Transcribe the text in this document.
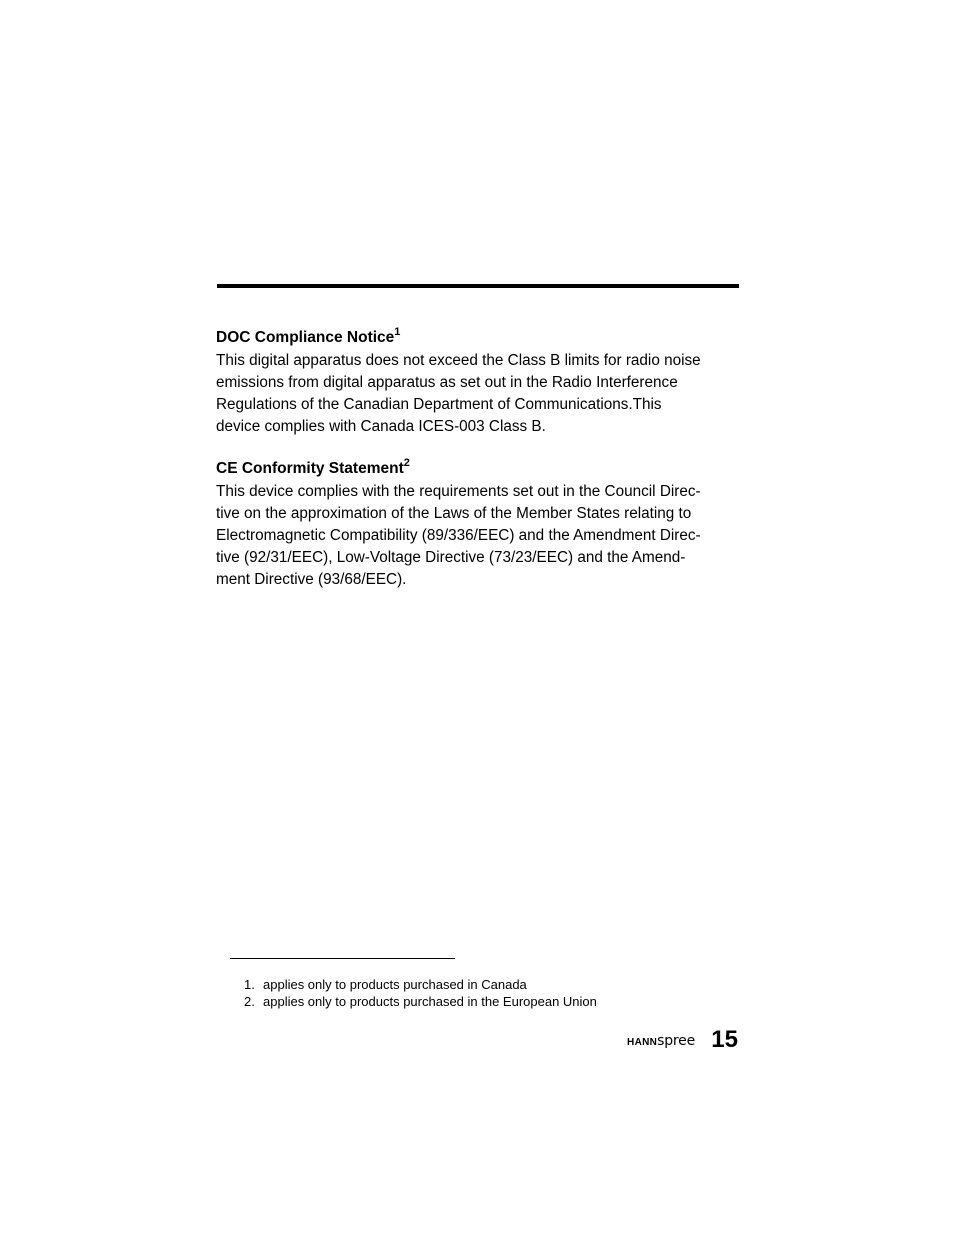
DOC Compliance Notice$^1$

This digital apparatus does not exceed the Class B limits for radio noise
emissions from digital apparatus as set out in the Radio Interference
Regulations of the Canadian Department of Communications.This
device complies with Canada ICES-003 Class B.

CE Conformity Statement$^2$

This device complies with the requirements set out in the Council Direc-
tive on the approximation of the Laws of the Member States relating to
Electromagnetic Compatibility (89/336/EEC) and the Amendment Direc-
tive (92/31/EEC), Low-Voltage Directive (73/23/EEC) and the Amend-
ment Directive (93/68/EEC).

1. applies only to products purchased in Canada
2. applies only to products purchased in the European Union
HANNspree 15
